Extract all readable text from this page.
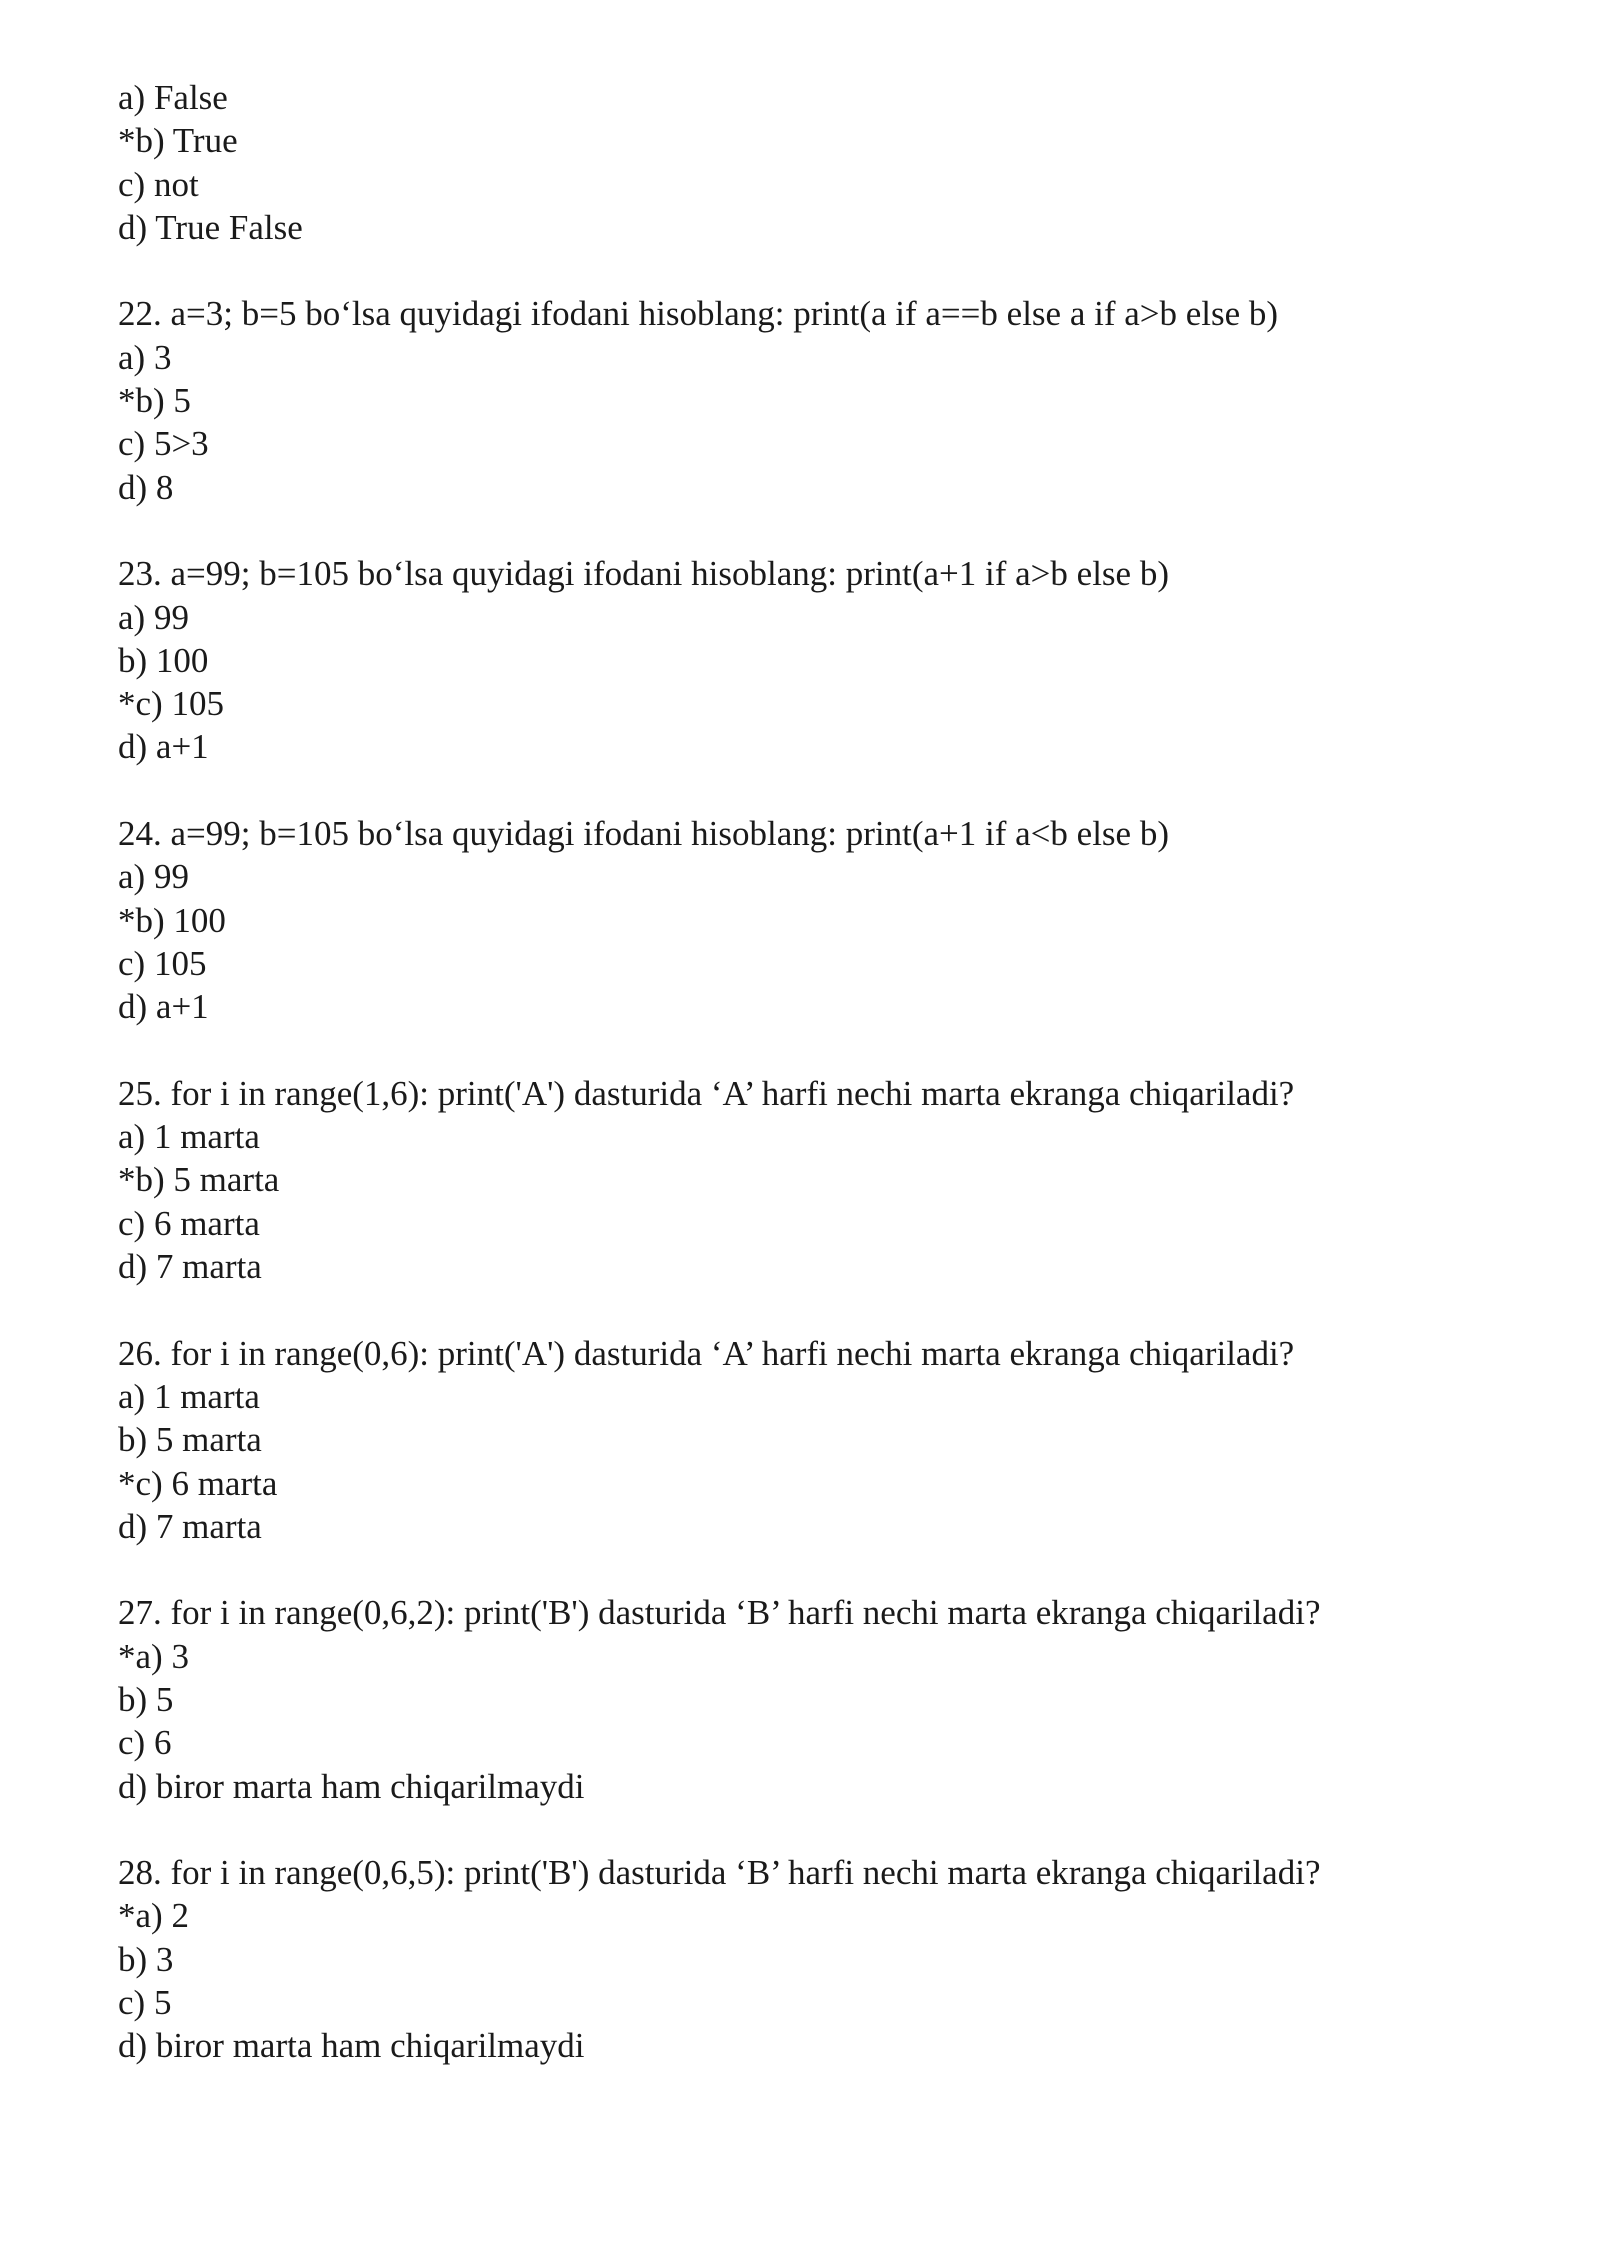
a) False
*b) True
c) not
d) True False
22. a=3; b=5 bo‘lsa quyidagi ifodani hisoblang: print(a if a==b else a if a>b else b)
a) 3
*b) 5
c) 5>3
d) 8
23. a=99; b=105 bo‘lsa quyidagi ifodani hisoblang: print(a+1 if a>b else b)
a) 99
b) 100
*c) 105
d) a+1
24. a=99; b=105 bo‘lsa quyidagi ifodani hisoblang: print(a+1 if a<b else b)
a) 99
*b) 100
c) 105
d) a+1
25. for i in range(1,6): print('A') dasturida ‘A’ harfi nechi marta ekranga chiqariladi?
a) 1 marta
*b) 5 marta
c) 6 marta
d) 7 marta
26. for i in range(0,6): print('A') dasturida ‘A’ harfi nechi marta ekranga chiqariladi?
a) 1 marta
b) 5 marta
*c) 6 marta
d) 7 marta
27. for i in range(0,6,2): print('B') dasturida ‘B’ harfi nechi marta ekranga chiqariladi?
*a) 3
b) 5
c) 6
d) biror marta ham chiqarilmaydi
28. for i in range(0,6,5): print('B') dasturida ‘B’ harfi nechi marta ekranga chiqariladi?
*a) 2
b) 3
c) 5
d) biror marta ham chiqarilmaydi
